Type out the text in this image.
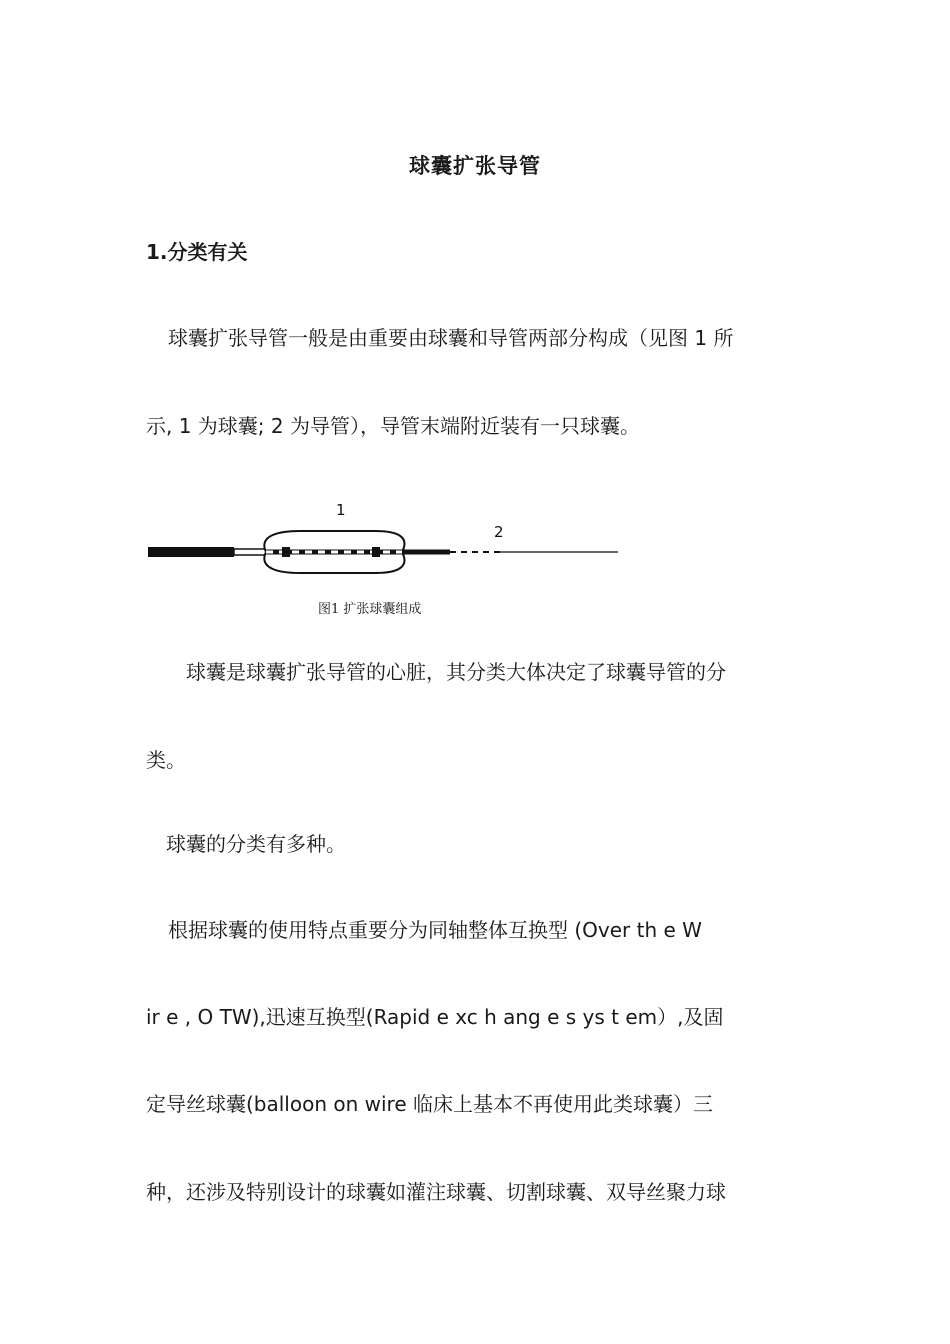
球囊扩张导管
1.分类有关
球囊扩张导管一般是由重要由球囊和导管两部分构成（见图 1 所
示, 1 为球囊; 2 为导管），导管末端附近装有一只球囊。
1
2
图1 扩张球囊组成
球囊是球囊扩张导管的心脏，其分类大体决定了球囊导管的分
类。
球囊的分类有多种。
根据球囊的使用特点重要分为同轴整体互换型 (Over th e W
ir e , O TW),迅速互换型(Rapid e xc h ang e s ys t em）,及固
定导丝球囊(balloon on wire 临床上基本不再使用此类球囊）三
种，还涉及特别设计的球囊如灌注球囊、切割球囊、双导丝聚力球
